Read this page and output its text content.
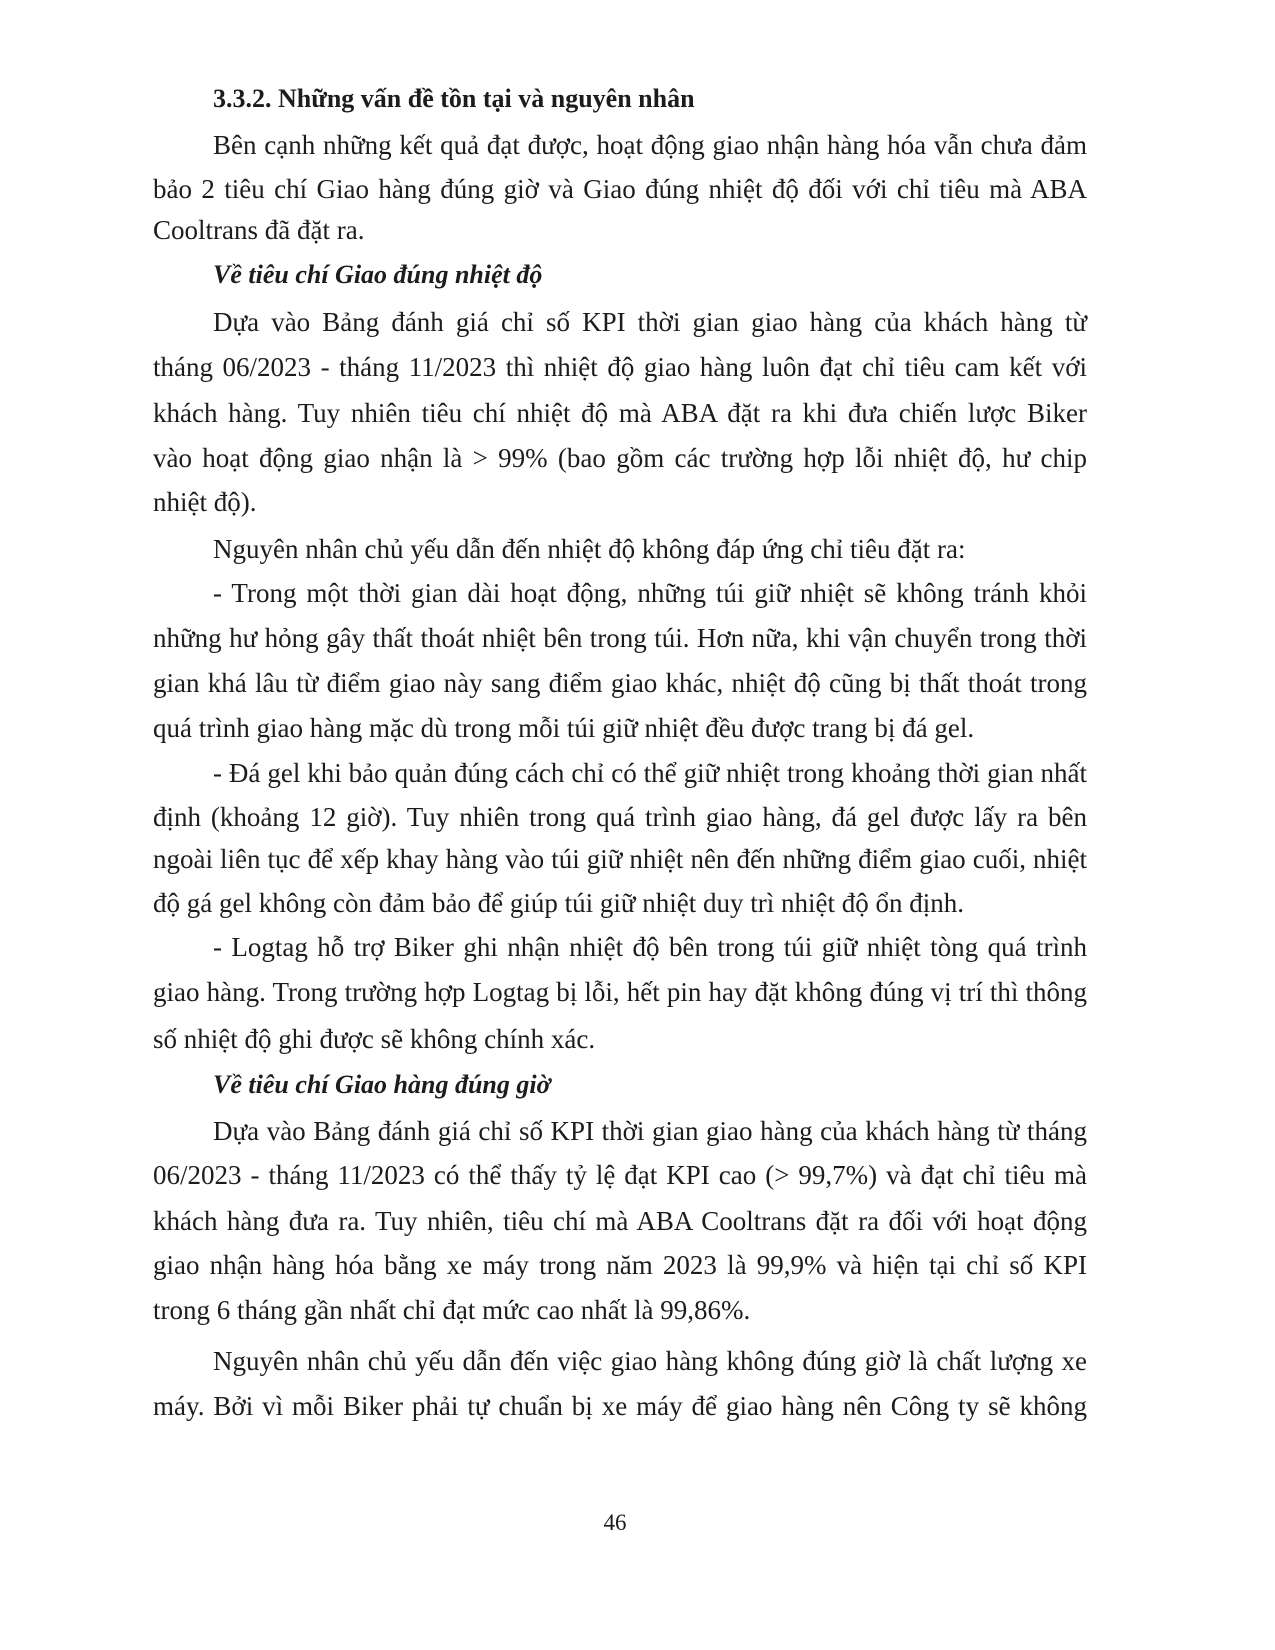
3.3.2. Những vấn đề tồn tại và nguyên nhân
Bên cạnh những kết quả đạt được, hoạt động giao nhận hàng hóa vẫn chưa đảm
bảo 2 tiêu chí Giao hàng đúng giờ và Giao đúng nhiệt độ đối với chỉ tiêu mà ABA
Cooltrans đã đặt ra.
Về tiêu chí Giao đúng nhiệt độ
Dựa vào Bảng đánh giá chỉ số KPI thời gian giao hàng của khách hàng từ
tháng 06/2023 - tháng 11/2023 thì nhiệt độ giao hàng luôn đạt chỉ tiêu cam kết với
khách hàng. Tuy nhiên tiêu chí nhiệt độ mà ABA đặt ra khi đưa chiến lược Biker
vào hoạt động giao nhận là > 99% (bao gồm các trường hợp lỗi nhiệt độ, hư chip
nhiệt độ).
Nguyên nhân chủ yếu dẫn đến nhiệt độ không đáp ứng chỉ tiêu đặt ra:
- Trong một thời gian dài hoạt động, những túi giữ nhiệt sẽ không tránh khỏi
những hư hỏng gây thất thoát nhiệt bên trong túi. Hơn nữa, khi vận chuyển trong thời
gian khá lâu từ điểm giao này sang điểm giao khác, nhiệt độ cũng bị thất thoát trong
quá trình giao hàng mặc dù trong mỗi túi giữ nhiệt đều được trang bị đá gel.
- Đá gel khi bảo quản đúng cách chỉ có thể giữ nhiệt trong khoảng thời gian nhất
định (khoảng 12 giờ). Tuy nhiên trong quá trình giao hàng, đá gel được lấy ra bên
ngoài liên tục để xếp khay hàng vào túi giữ nhiệt nên đến những điểm giao cuối, nhiệt
độ gá gel không còn đảm bảo để giúp túi giữ nhiệt duy trì nhiệt độ ổn định.
- Logtag hỗ trợ Biker ghi nhận nhiệt độ bên trong túi giữ nhiệt tòng quá trình
giao hàng. Trong trường hợp Logtag bị lỗi, hết pin hay đặt không đúng vị trí thì thông
số nhiệt độ ghi được sẽ không chính xác.
Về tiêu chí Giao hàng đúng giờ
Dựa vào Bảng đánh giá chỉ số KPI thời gian giao hàng của khách hàng từ tháng
06/2023 - tháng 11/2023 có thể thấy tỷ lệ đạt KPI cao (> 99,7%) và đạt chỉ tiêu mà
khách hàng đưa ra. Tuy nhiên, tiêu chí mà ABA Cooltrans đặt ra đối với hoạt động
giao nhận hàng hóa bằng xe máy trong năm 2023 là 99,9% và hiện tại chỉ số KPI
trong 6 tháng gần nhất chỉ đạt mức cao nhất là 99,86%.
Nguyên nhân chủ yếu dẫn đến việc giao hàng không đúng giờ là chất lượng xe
máy. Bởi vì mỗi Biker phải tự chuẩn bị xe máy để giao hàng nên Công ty sẽ không
46
